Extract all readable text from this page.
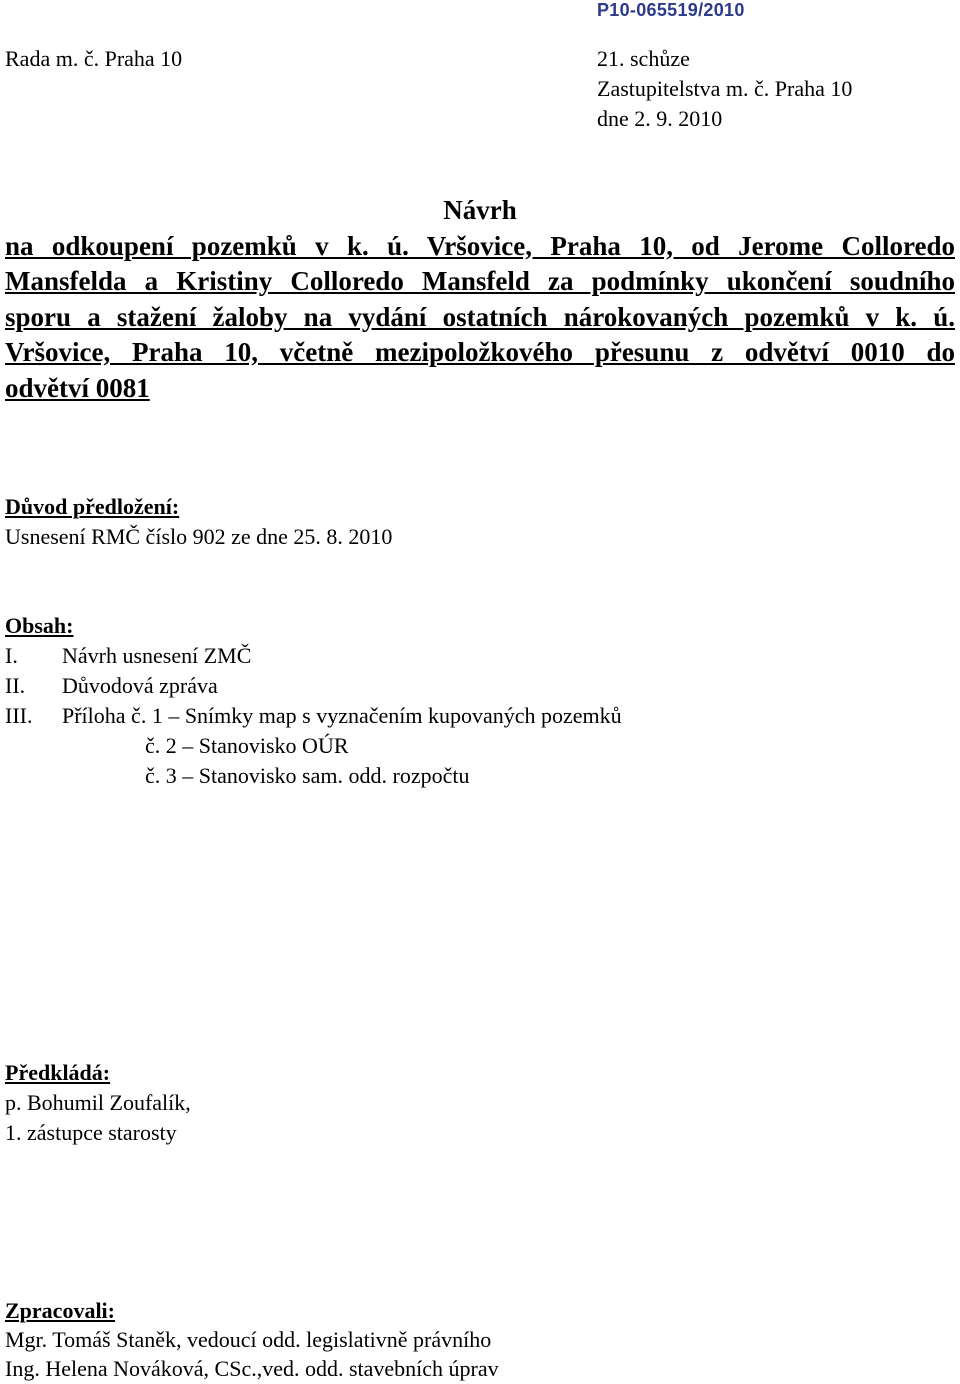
P10-065519/2010
Rada m. č. Praha 10	21. schůze
Zastupitelstva m. č. Praha 10
dne 2. 9. 2010
Návrh
na odkoupení pozemků v k. ú. Vršovice, Praha 10, od Jerome Colloredo
Mansfelda a Kristiny Colloredo Mansfeld za podmínky ukončení soudního
sporu a stažení žaloby na vydání ostatních nárokovaných pozemků v k. ú.
Vršovice, Praha 10, včetně mezipoložkového přesunu z odvětví 0010 do
odvětví 0081
Důvod předložení:
Usnesení RMČ číslo 902 ze dne 25. 8. 2010
Obsah:
I. Návrh usnesení ZMČ
II. Důvodová zpráva
III. Příloha č. 1 – Snímky map s vyznačením kupovaných pozemků
č. 2 – Stanovisko OÚR
č. 3 – Stanovisko sam. odd. rozpočtu
Předkládá:
p. Bohumil Zoufalík,
1. zástupce starosty
Zpracovali:
Mgr. Tomáš Staněk, vedoucí odd. legislativně právního
Ing. Helena Nováková, CSc.,ved. odd. stavebních úprav
